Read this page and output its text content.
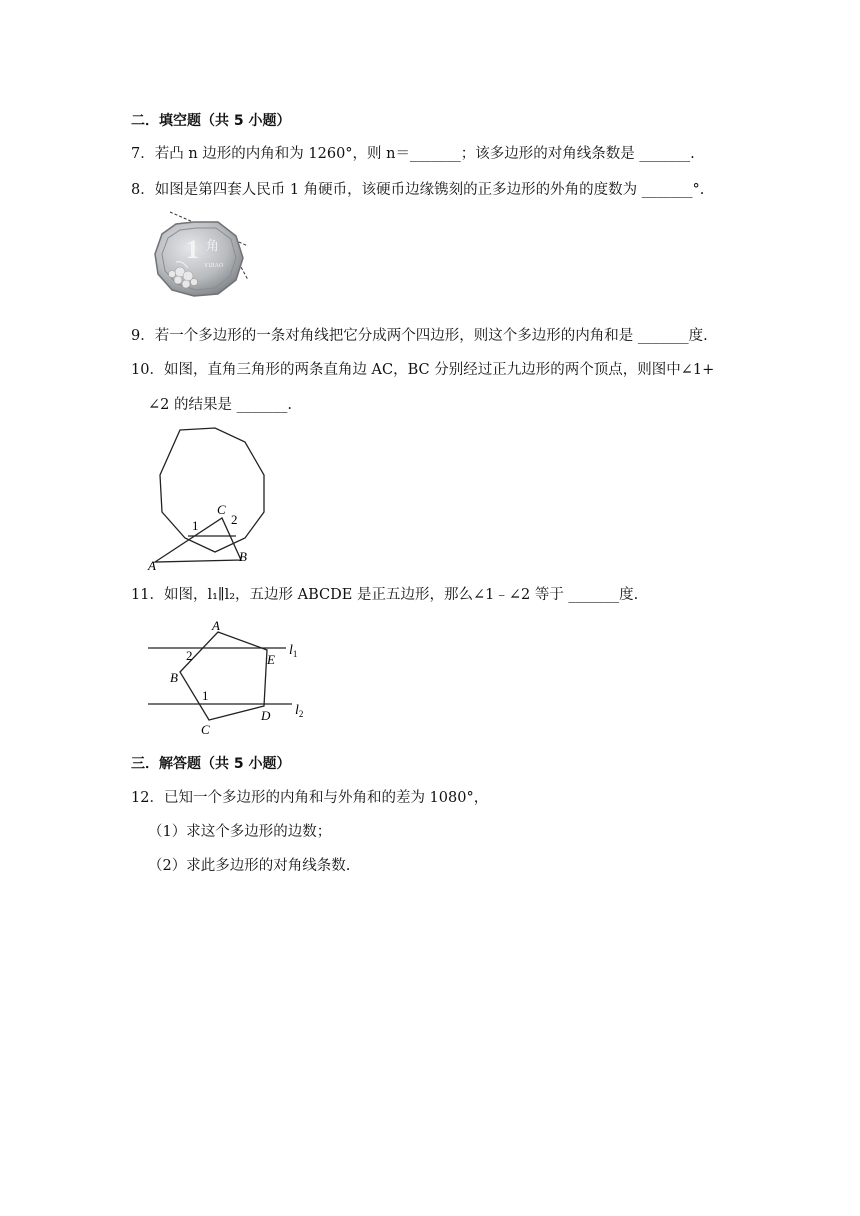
二．填空题（共 5 小题）
7．若凸 n 边形的内角和为 1260°，则 n＝_______；该多边形的对角线条数是 _______.
8．如图是第四套人民币 1 角硬币，该硬币边缘镌刻的正多边形的外角的度数为 _______°.
1 角
YIJIAO
9．若一个多边形的一条对角线把它分成两个四边形，则这个多边形的内角和是 _______度.
10．如图，直角三角形的两条直角边 AC，BC 分别经过正九边形的两个顶点，则图中∠1+
∠2 的结果是 _______.
A
B
C
1	2
11．如图，l₁∥l₂，五边形 ABCDE 是正五边形，那么∠1﹣∠2 等于 _______度.
A
B
C
D
E
2
1
$l_1$
$l_2$
三．解答题（共 5 小题）
12．已知一个多边形的内角和与外角和的差为 1080°，
（1）求这个多边形的边数；
（2）求此多边形的对角线条数.
